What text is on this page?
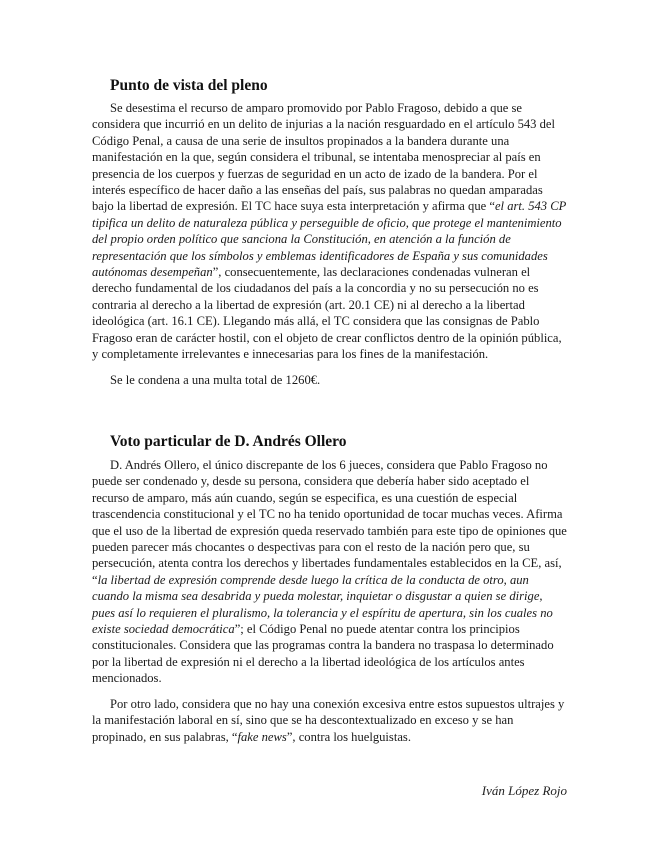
Punto de vista del pleno

Se desestima el recurso de amparo promovido por Pablo Fragoso, debido a que se considera que incurrió en un delito de injurias a la nación resguardado en el artículo 543 del Código Penal, a causa de una serie de insultos propinados a la bandera durante una manifestación en la que, según considera el tribunal, se intentaba menospreciar al país en presencia de los cuerpos y fuerzas de seguridad en un acto de izado de la bandera. Por el interés específico de hacer daño a las enseñas del país, sus palabras no quedan amparadas bajo la libertad de expresión. El TC hace suya esta interpretación y afirma que “el art. 543 CP tipifica un delito de naturaleza pública y perseguible de oficio, que protege el mantenimiento del propio orden político que sanciona la Constitución, en atención a la función de representación que los símbolos y emblemas identificadores de España y sus comunidades autónomas desempeñan”, consecuentemente, las declaraciones condenadas vulneran el derecho fundamental de los ciudadanos del país a la concordia y no su persecución no es contraria al derecho a la libertad de expresión (art. 20.1 CE) ni al derecho a la libertad ideológica (art. 16.1 CE). Llegando más allá, el TC considera que las consignas de Pablo Fragoso eran de carácter hostil, con el objeto de crear conflictos dentro de la opinión pública, y completamente irrelevantes e innecesarias para los fines de la manifestación.

Se le condena a una multa total de 1260€.

Voto particular de D. Andrés Ollero

D. Andrés Ollero, el único discrepante de los 6 jueces, considera que Pablo Fragoso no puede ser condenado y, desde su persona, considera que debería haber sido aceptado el recurso de amparo, más aún cuando, según se especifica, es una cuestión de especial trascendencia constitucional y el TC no ha tenido oportunidad de tocar muchas veces. Afirma que el uso de la libertad de expresión queda reservado también para este tipo de opiniones que pueden parecer más chocantes o despectivas para con el resto de la nación pero que, su persecución, atenta contra los derechos y libertades fundamentales establecidos en la CE, así, “la libertad de expresión comprende desde luego la crítica de la conducta de otro, aun cuando la misma sea desabrida y pueda molestar, inquietar o disgustar a quien se dirige, pues así lo requieren el pluralismo, la tolerancia y el espíritu de apertura, sin los cuales no existe sociedad democrática”; el Código Penal no puede atentar contra los principios constitucionales. Considera que las programas contra la bandera no traspasa lo determinado por la libertad de expresión ni el derecho a la libertad ideológica de los artículos antes mencionados.

Por otro lado, considera que no hay una conexión excesiva entre estos supuestos ultrajes y la manifestación laboral en sí, sino que se ha descontextualizado en exceso y se han propinado, en sus palabras, “fake news”, contra los huelguistas.

Iván López Rojo
